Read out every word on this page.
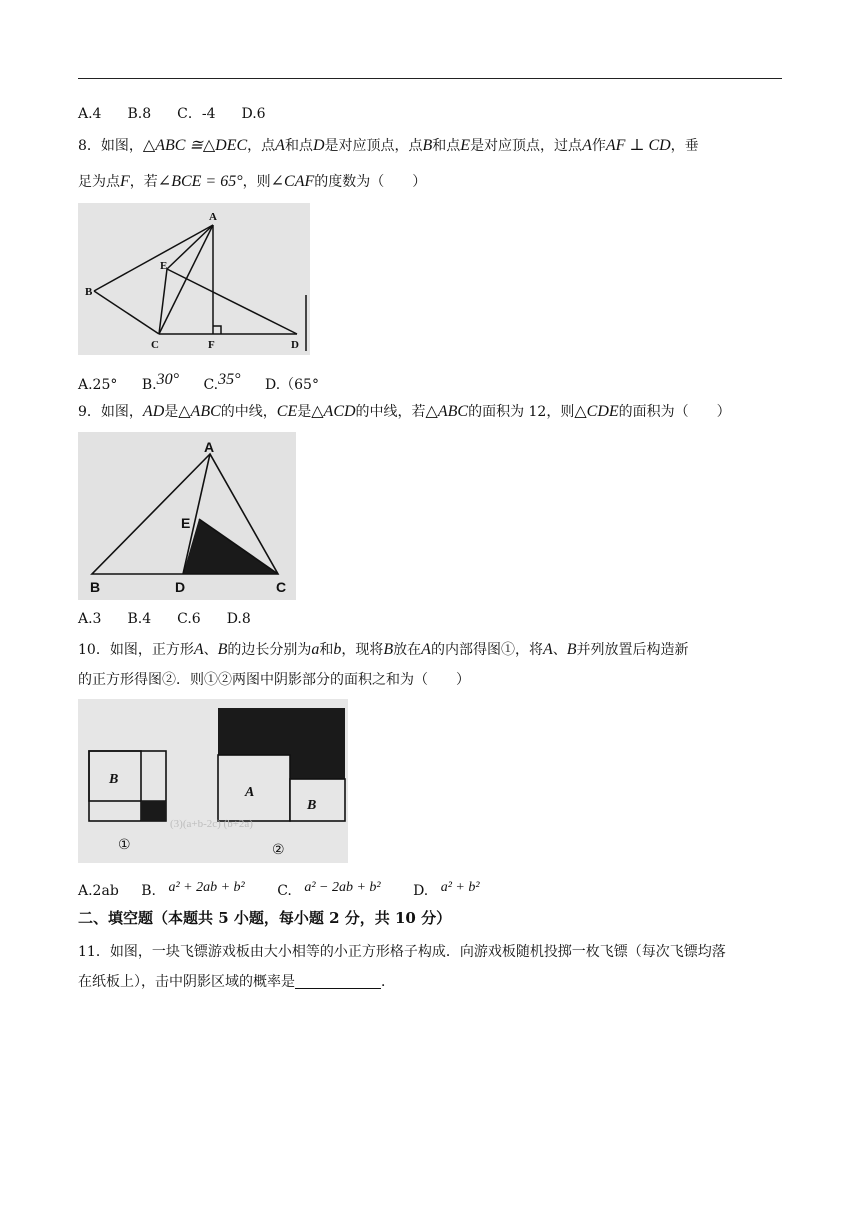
A.4 B.8 C．-4 D.6
8．如图，△ABC ≅△DEC，点A和点D是对应顶点，点B和点E是对应顶点，过点A作AF ⊥ CD，垂
足为点F，若∠BCE = 65°，则∠CAF的度数为（　　）
A
B
C	D
E
F
A.25° B.30° C.35° D.（65°
9．如图，AD是△ABC的中线，CE是△ACD的中线，若△ABC的面积为 12，则△CDE的面积为（　　）
A
B	D	C
E
A.3 B.4 C.6 D.8
10．如图，正方形A、B的边长分别为a和b，现将B放在A的内部得图①，将A、B并列放置后构造新
的正方形得图②．则①②两图中阴影部分的面积之和为（　　）
B
A
B
(3)(a+b-2c) (b+2a)
①	②
A.2ab B. a² + 2ab + b² C. a² − 2ab + b² D. a² + b²
二、填空题（本题共 5 小题，每小题 2 分，共 10 分）
11．如图，一块飞镖游戏板由大小相等的小正方形格子构成．向游戏板随机投掷一枚飞镖（每次飞镖均落
在纸板上），击中阴影区域的概率是	．
